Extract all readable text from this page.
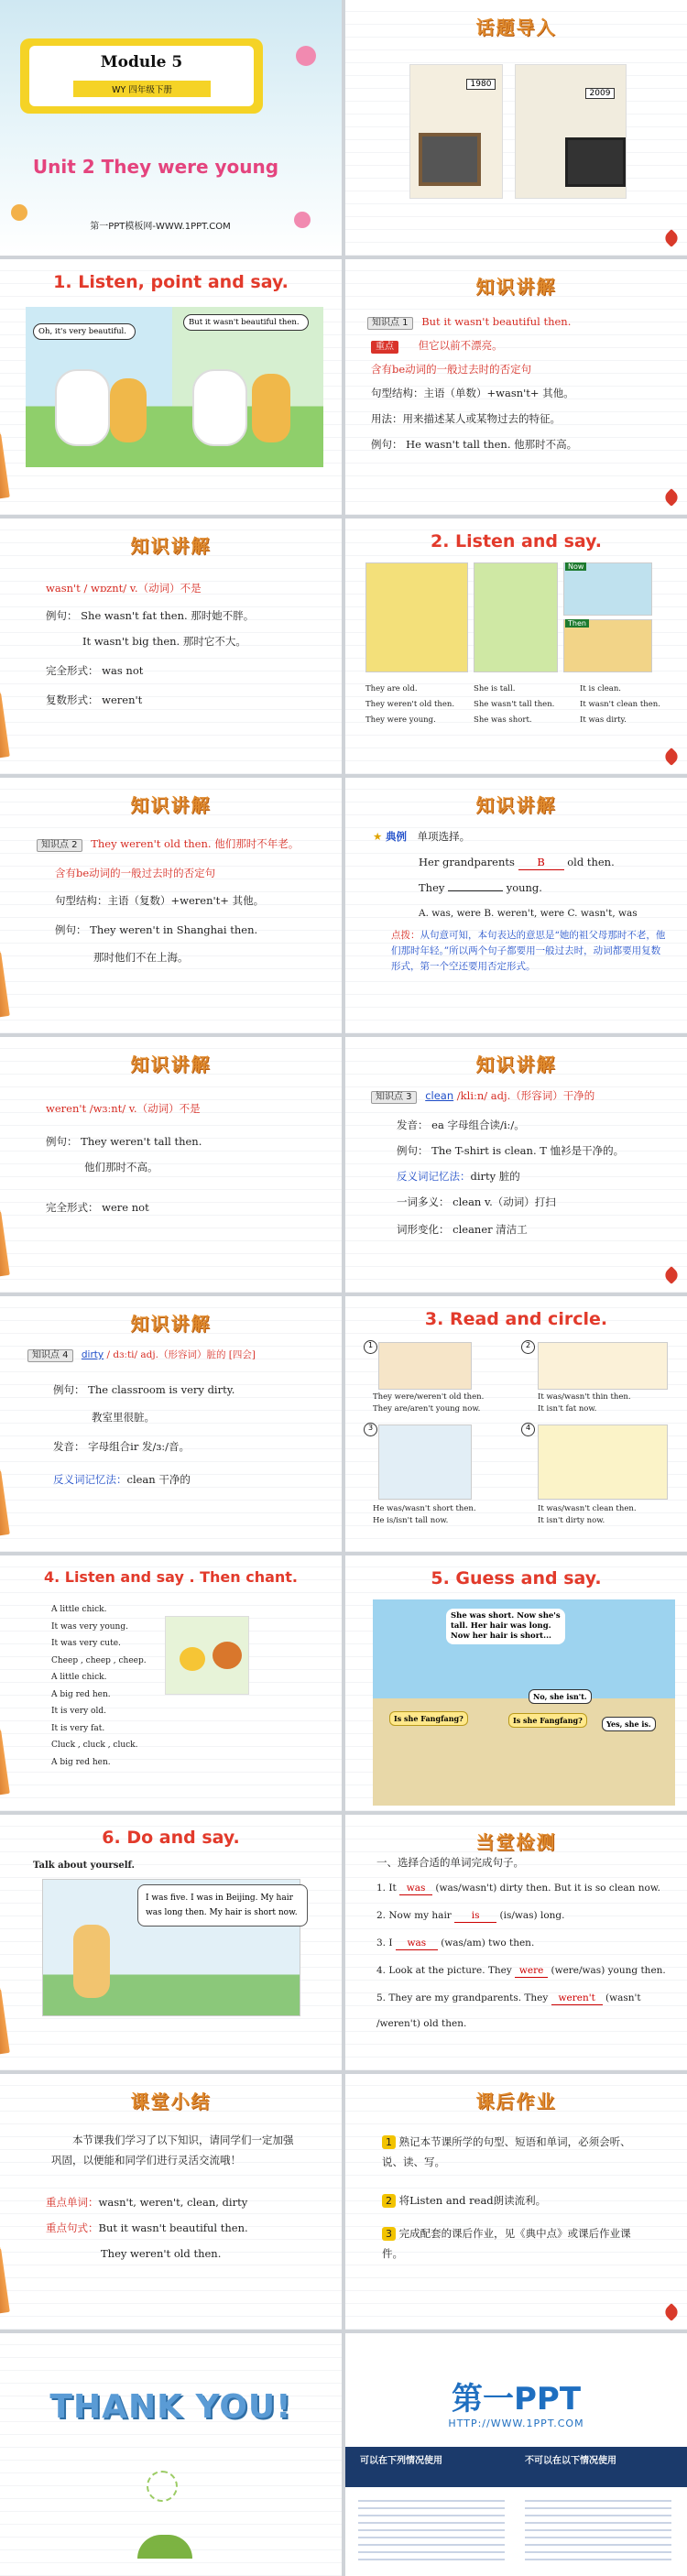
Module 5
WY 四年级下册
Unit 2 They were young
第一PPT模板网-WWW.1PPT.COM
话题导入
1980
2009
1. Listen, point and say.
Oh, it's very beautiful.
But it wasn't beautiful then.
知识讲解
知识点 1 But it wasn't beautiful then.
重点 但它以前不漂亮。
含有be动词的一般过去时的否定句
句型结构：主语（单数）+wasn't+ 其他。
用法：用来描述某人或某物过去的特征。
例句： He wasn't tall then. 他那时不高。
知识讲解
wasn't / wɒznt/ v.（动词）不是
例句： She wasn't fat then. 那时她不胖。
It wasn't big then. 那时它不大。
完全形式： was not
复数形式： weren't
2. Listen and say.
Now
Then
They are old.
They weren't old then.
They were young.
She is tall.
She wasn't tall then.
She was short.
It is clean.
It wasn't clean then.
It was dirty.
知识讲解
知识点 2 They weren't old then. 他们那时不年老。
含有be动词的一般过去时的否定句
句型结构：主语（复数）+weren't+ 其他。
例句： They weren't in Shanghai then.
那时他们不在上海。
知识讲解
★ 典例 单项选择。
Her grandparents B old then.
They	young.
A. was, were B. weren't, were C. wasn't, was
点拨：从句意可知，本句表达的意思是“她的祖父母那时不老，他们那时年轻。”所以两个句子都要用一般过去时，动词都要用复数形式，第一个空还要用否定形式。
知识讲解
weren't /wɜːnt/ v.（动词）不是
例句： They weren't tall then.
他们那时不高。
完全形式： were not
知识讲解
知识点 3 clean /kliːn/ adj.（形容词）干净的
发音： ea 字母组合读/iː/。
例句： The T-shirt is clean. T 恤衫是干净的。
反义词记忆法：dirty 脏的
一词多义： clean v.（动词）打扫
词形变化： cleaner 清洁工
知识讲解
知识点 4 dirty / dɜːti/ adj.（形容词）脏的 [四会]
例句： The classroom is very dirty.
教室里很脏。
发音： 字母组合ir 发/ɜː/音。
反义词记忆法：clean 干净的
3. Read and circle.
1
They were/weren't old then.
They are/aren't young now.
2
It was/wasn't thin then.
It isn't fat now.
3
He was/wasn't short then.
He is/isn't tall now.
4
It was/wasn't clean then.
It isn't dirty now.
4. Listen and say . Then chant.
A little chick.
It was very young.
It was very cute.
Cheep , cheep , cheep.
A little chick.
A big red hen.
It is very old.
It is very fat.
Cluck , cluck , cluck.
A big red hen.
5. Guess and say.
She was short. Now she's tall. Her hair was long. Now her hair is short...
Is she Fangfang?
No, she isn't.
Is she Fangfang?	Yes, she is.
6. Do and say.
Talk about yourself.
I was five. I was in Beijing. My hair was long then. My hair is short now.
当堂检测
一、选择合适的单词完成句子。
1. It was (was/wasn't) dirty then. But it is so clean now.
2. Now my hair is (is/was) long.
3. I was (was/am) two then.
4. Look at the picture. They were (were/was) young then.
5. They are my grandparents. They weren't (wasn't
/weren't) old then.
课堂小结
本节课我们学习了以下知识，请同学们一定加强巩固，以便能和同学们进行灵活交流哦！
重点单词：wasn't, weren't, clean, dirty
重点句式：But it wasn't beautiful then.
They weren't old then.
课后作业
1 熟记本节课所学的句型、短语和单词，必须会听、说、读、写。
2 将Listen and read朗读流利。
3 完成配套的课后作业，见《典中点》或课后作业课件。
THANK YOU!	第一PPT
HTTP://WWW.1PPT.COM
可以在下列情况使用	不可以在以下情况使用
